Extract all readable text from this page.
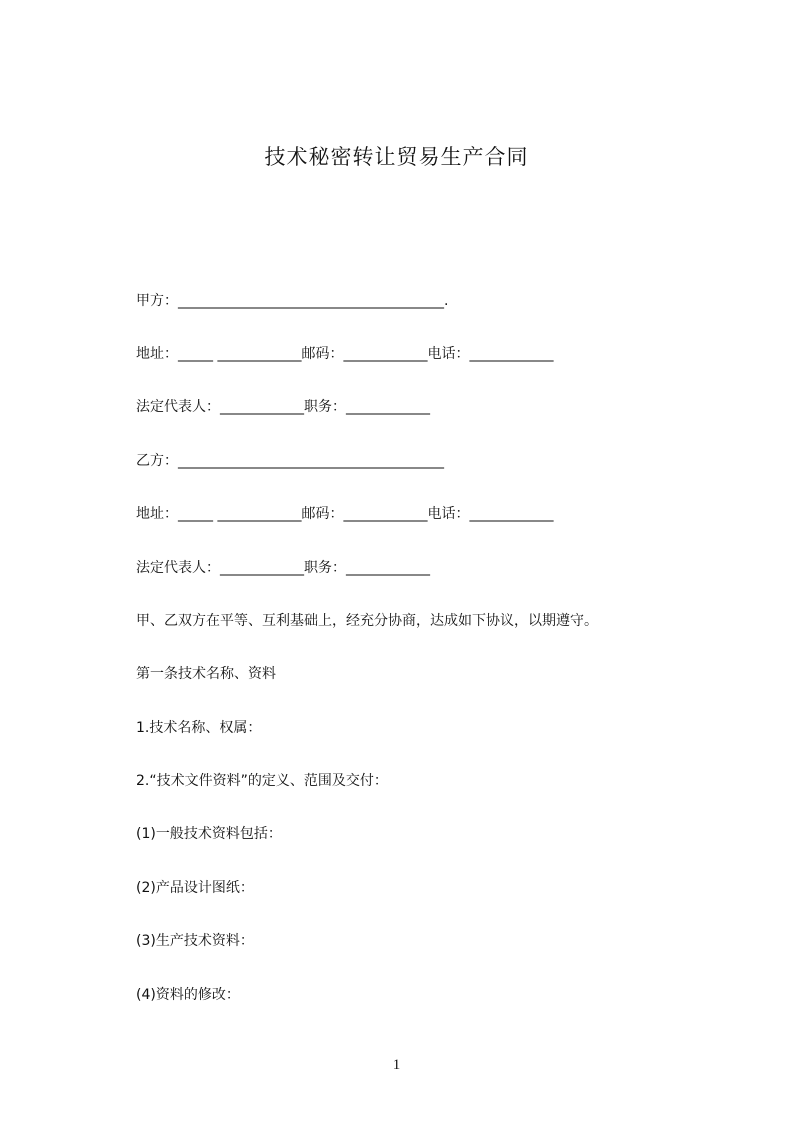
技术秘密转让贸易生产合同
甲方：______________________________________.
地址：_____ ____________邮码：____________电话：____________
法定代表人：____________职务：____________
乙方：______________________________________
地址：_____ ____________邮码：____________电话：____________
法定代表人：____________职务：____________
甲、乙双方在平等、互利基础上，经充分协商，达成如下协议，以期遵守。
第一条技术名称、资料
1.技术名称、权属：
2.“技术文件资料”的定义、范围及交付：
(1)一般技术资料包括：
(2)产品设计图纸：
(3)生产技术资料：
(4)资料的修改：
1
